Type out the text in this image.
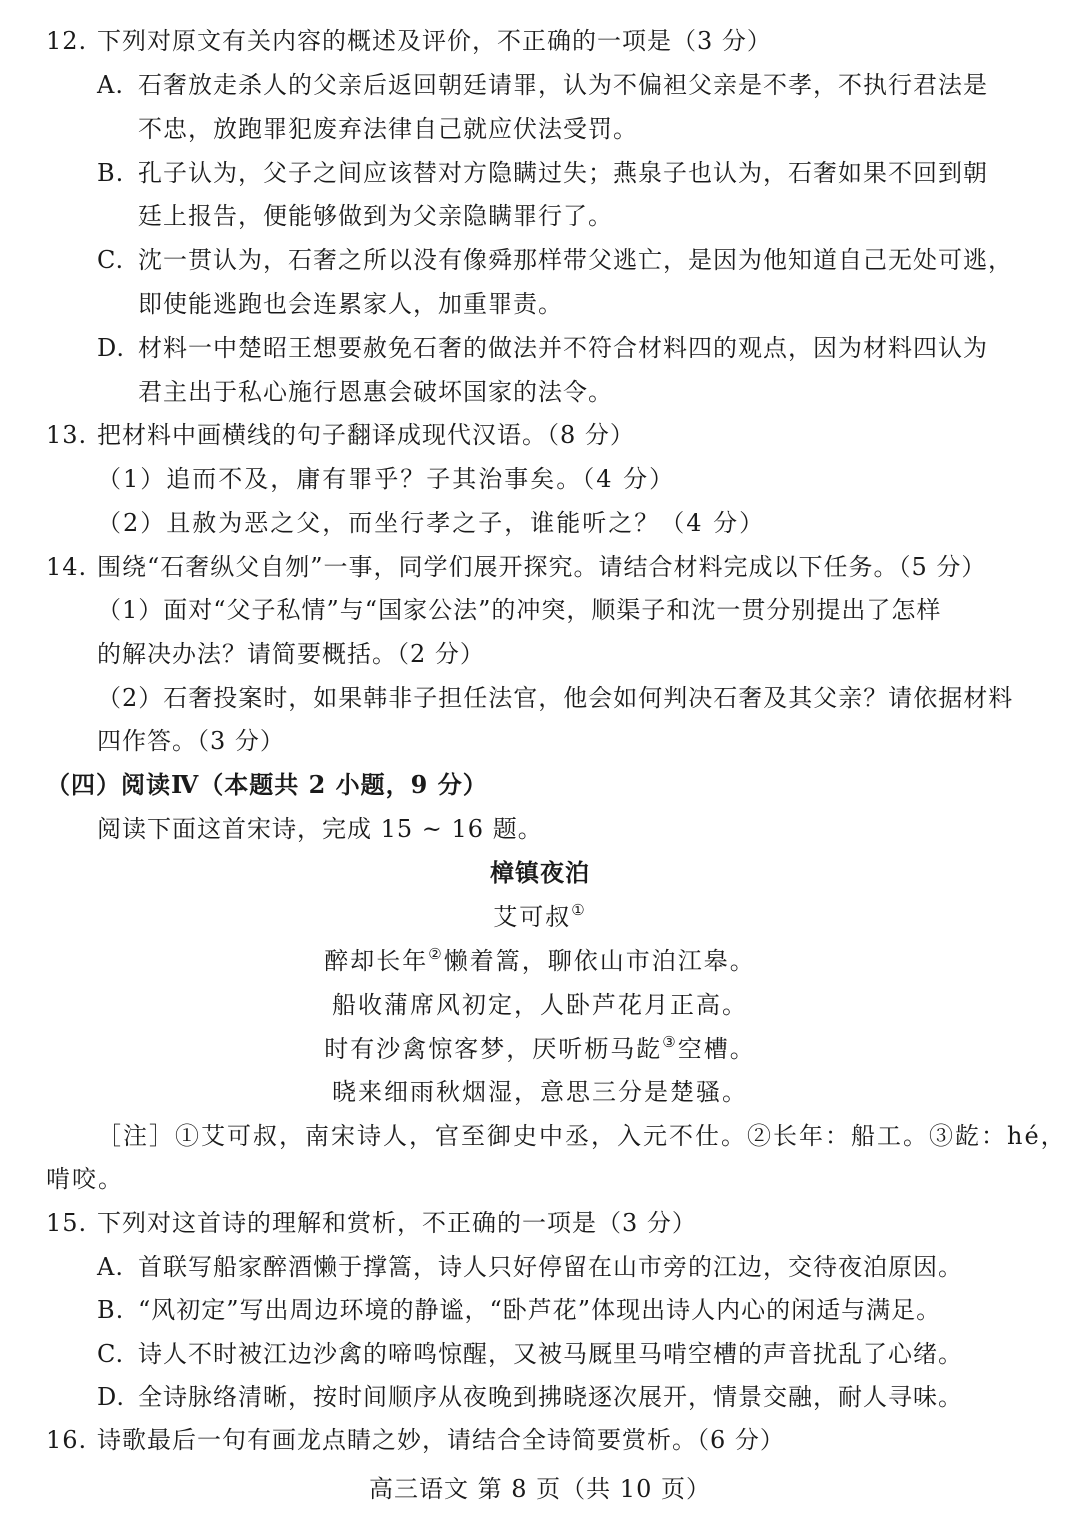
12. 下列对原文有关内容的概述及评价，不正确的一项是（3 分）
A. 石奢放走杀人的父亲后返回朝廷请罪，认为不偏袒父亲是不孝，不执行君法是
不忠，放跑罪犯废弃法律自己就应伏法受罚。
B. 孔子认为，父子之间应该替对方隐瞒过失；燕泉子也认为，石奢如果不回到朝
廷上报告，便能够做到为父亲隐瞒罪行了。
C. 沈一贯认为，石奢之所以没有像舜那样带父逃亡，是因为他知道自己无处可逃，
即使能逃跑也会连累家人，加重罪责。
D. 材料一中楚昭王想要赦免石奢的做法并不符合材料四的观点，因为材料四认为
君主出于私心施行恩惠会破坏国家的法令。
13. 把材料中画横线的句子翻译成现代汉语。（8 分）
（1）追而不及，庸有罪乎？子其治事矣。（4 分）
（2）且赦为恶之父，而坐行孝之子，谁能听之？（4 分）
14. 围绕“石奢纵父自刎”一事，同学们展开探究。请结合材料完成以下任务。（5 分）
（1）面对“父子私情”与“国家公法”的冲突，顺渠子和沈一贯分别提出了怎样
的解决办法？请简要概括。（2 分）
（2）石奢投案时，如果韩非子担任法官，他会如何判决石奢及其父亲？请依据材料
四作答。（3 分）
（四）阅读Ⅳ（本题共 2 小题，9 分）
阅读下面这首宋诗，完成 15 ~ 16 题。
樟镇夜泊
艾可叔①
醉却长年②懒着篙，聊依山市泊江皋。
船收蒲席风初定，人卧芦花月正高。
时有沙禽惊客梦，厌听枥马龁③空槽。
晓来细雨秋烟湿，意思三分是楚骚。
［注］①艾可叔，南宋诗人，官至御史中丞，入元不仕。②长年：船工。③龁：hé，
啃咬。
15. 下列对这首诗的理解和赏析，不正确的一项是（3 分）
A. 首联写船家醉酒懒于撑篙，诗人只好停留在山市旁的江边，交待夜泊原因。
B. “风初定”写出周边环境的静谧，“卧芦花”体现出诗人内心的闲适与满足。
C. 诗人不时被江边沙禽的啼鸣惊醒，又被马厩里马啃空槽的声音扰乱了心绪。
D. 全诗脉络清晰，按时间顺序从夜晚到拂晓逐次展开，情景交融，耐人寻味。
16. 诗歌最后一句有画龙点睛之妙，请结合全诗简要赏析。（6 分）
高三语文 第 8 页（共 10 页）
